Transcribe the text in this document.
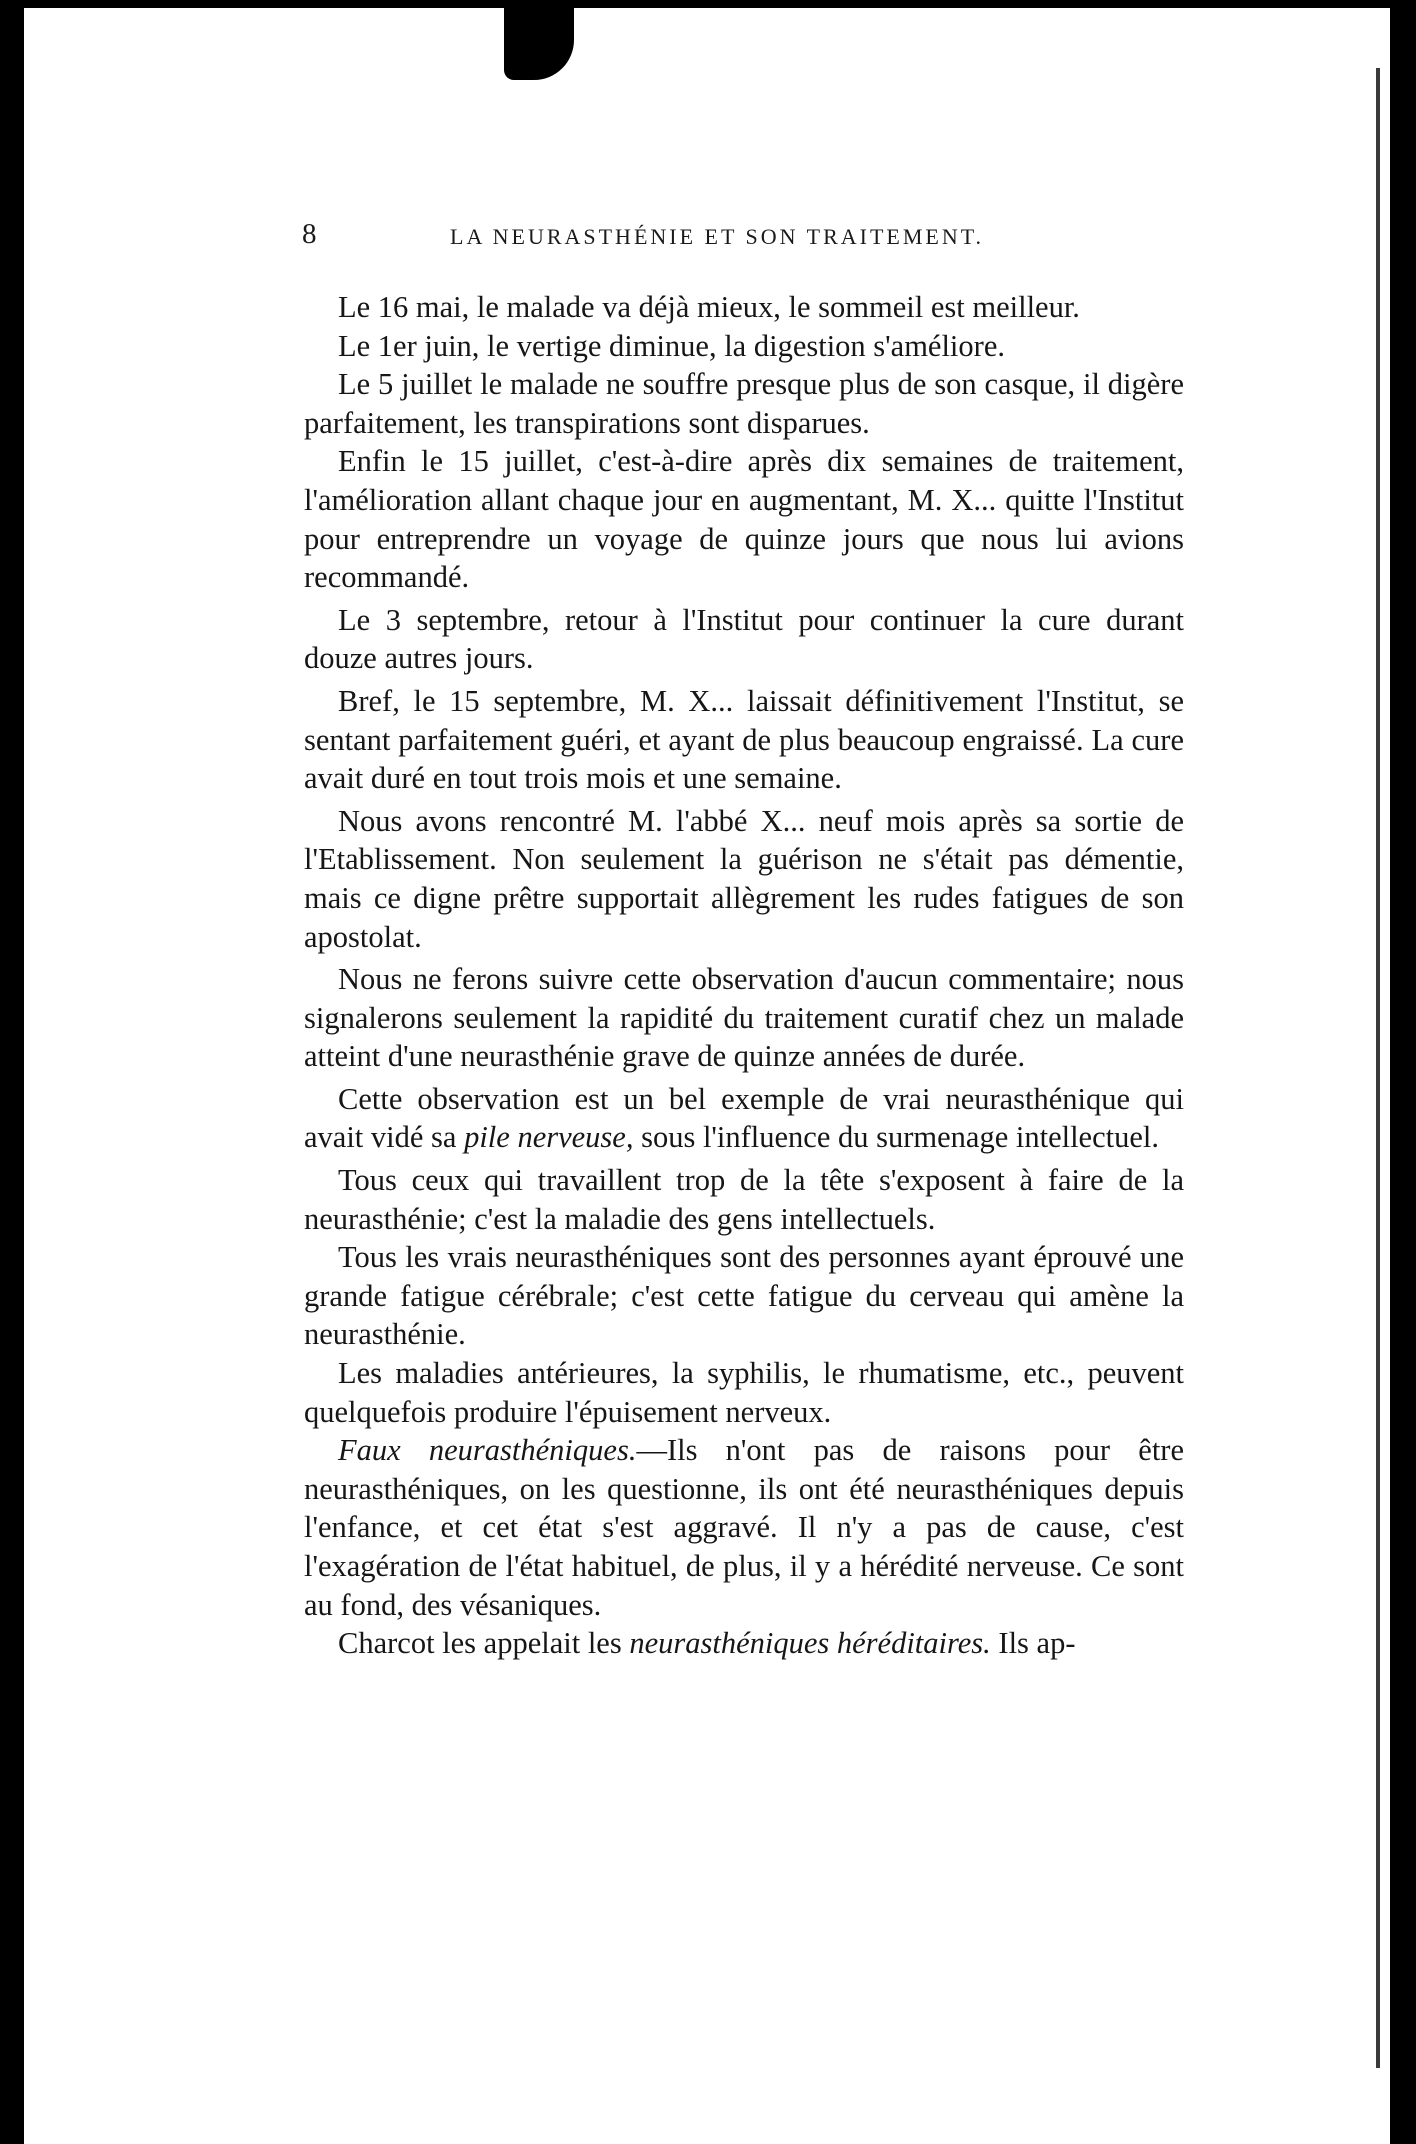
8	LA NEURASTHÉNIE ET SON TRAITEMENT.

Le 16 mai, le malade va déjà mieux, le sommeil est meilleur.

Le 1er juin, le vertige diminue, la digestion s'améliore.

Le 5 juillet le malade ne souffre presque plus de son casque, il digère parfaitement, les transpirations sont disparues.

Enfin le 15 juillet, c'est-à-dire après dix semaines de traitement, l'amélioration allant chaque jour en augmentant, M. X... quitte l'Institut pour entreprendre un voyage de quinze jours que nous lui avions recommandé.

Le 3 septembre, retour à l'Institut pour continuer la cure durant douze autres jours.

Bref, le 15 septembre, M. X... laissait définitivement l'Institut, se sentant parfaitement guéri, et ayant de plus beaucoup engraissé. La cure avait duré en tout trois mois et une semaine.

Nous avons rencontré M. l'abbé X... neuf mois après sa sortie de l'Etablissement. Non seulement la guérison ne s'était pas démentie, mais ce digne prêtre supportait allègrement les rudes fatigues de son apostolat.

Nous ne ferons suivre cette observation d'aucun commentaire; nous signalerons seulement la rapidité du traitement curatif chez un malade atteint d'une neurasthénie grave de quinze années de durée.

Cette observation est un bel exemple de vrai neurasthénique qui avait vidé sa pile nerveuse, sous l'influence du surmenage intellectuel.

Tous ceux qui travaillent trop de la tête s'exposent à faire de la neurasthénie; c'est la maladie des gens intellectuels.

Tous les vrais neurasthéniques sont des personnes ayant éprouvé une grande fatigue cérébrale; c'est cette fatigue du cerveau qui amène la neurasthénie.

Les maladies antérieures, la syphilis, le rhumatisme, etc., peuvent quelquefois produire l'épuisement nerveux.

Faux neurasthéniques.—Ils n'ont pas de raisons pour être neurasthéniques, on les questionne, ils ont été neurasthéniques depuis l'enfance, et cet état s'est aggravé. Il n'y a pas de cause, c'est l'exagération de l'état habituel, de plus, il y a hérédité nerveuse. Ce sont au fond, des vésaniques.

Charcot les appelait les neurasthéniques héréditaires. Ils ap-
